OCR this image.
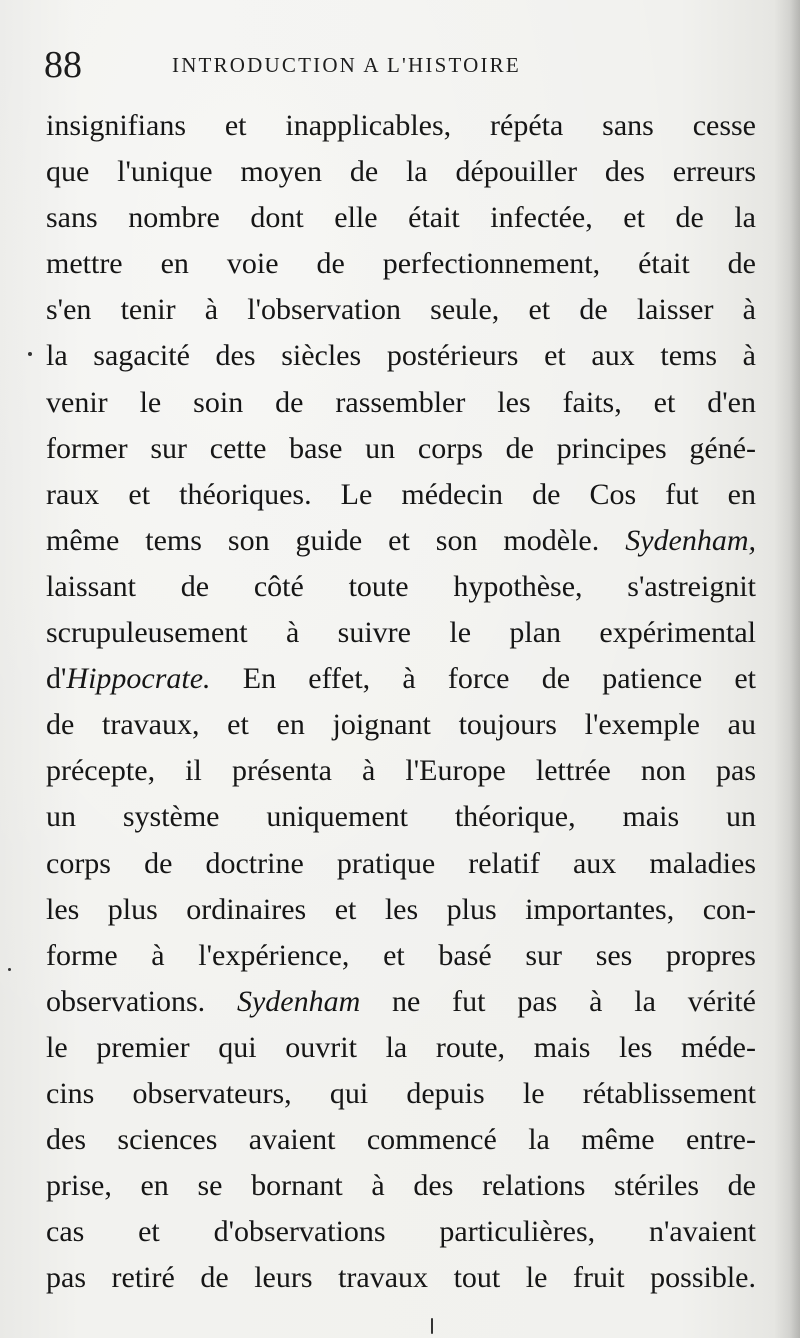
88	INTRODUCTION A L'HISTOIRE
insignifians et inapplicables, répéta sans cesse
que l'unique moyen de la dépouiller des erreurs
sans nombre dont elle était infectée, et de la
mettre en voie de perfectionnement, était de
s'en tenir à l'observation seule, et de laisser à
la sagacité des siècles postérieurs et aux tems à
venir le soin de rassembler les faits, et d'en
former sur cette base un corps de principes géné-
raux et théoriques. Le médecin de Cos fut en
même tems son guide et son modèle. Sydenham,
laissant de côté toute hypothèse, s'astreignit
scrupuleusement à suivre le plan expérimental
d'Hippocrate. En effet, à force de patience et
de travaux, et en joignant toujours l'exemple au
précepte, il présenta à l'Europe lettrée non pas
un système uniquement théorique, mais un
corps de doctrine pratique relatif aux maladies
les plus ordinaires et les plus importantes, con-
forme à l'expérience, et basé sur ses propres
observations. Sydenham ne fut pas à la vérité
le premier qui ouvrit la route, mais les méde-
cins observateurs, qui depuis le rétablissement
des sciences avaient commencé la même entre-
prise, en se bornant à des relations stériles de
cas et d'observations particulières, n'avaient
pas retiré de leurs travaux tout le fruit possible.
